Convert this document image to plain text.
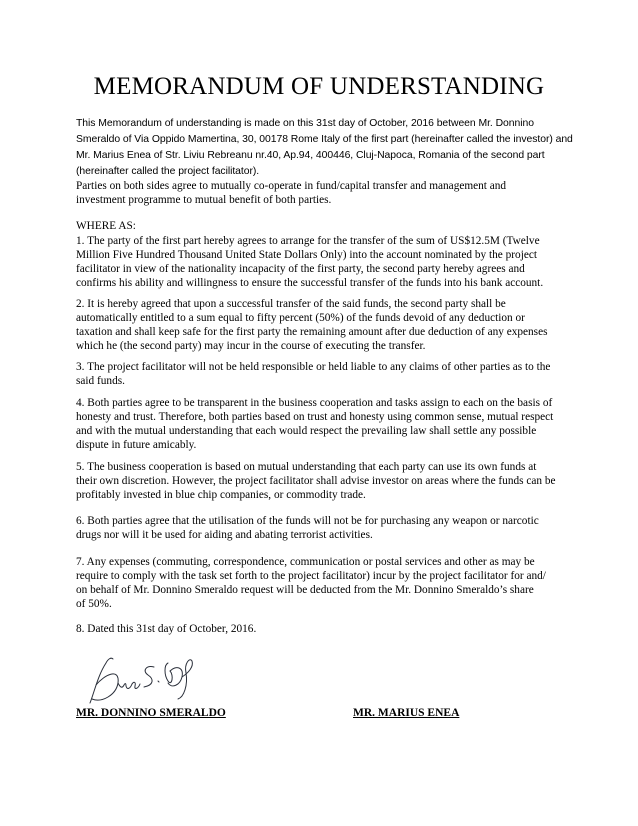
MEMORANDUM OF UNDERSTANDING
This Memorandum of understanding is made on this 31st day of October, 2016 between Mr. Donnino
Smeraldo of Via Oppido Mamertina, 30, 00178 Rome Italy of the first part (hereinafter called the investor) and
Mr. Marius Enea of Str. Liviu Rebreanu nr.40, Ap.94, 400446, Cluj-Napoca, Romania of the second part
(hereinafter called the project facilitator).
Parties on both sides agree to mutually co-operate in fund/capital transfer and management and
investment programme to mutual benefit of both parties.
WHERE AS:
1. The party of the first part hereby agrees to arrange for the transfer of the sum of US$12.5M (Twelve
Million Five Hundred Thousand United State Dollars Only) into the account nominated by the project
facilitator in view of the nationality incapacity of the first party, the second party hereby agrees and
confirms his ability and willingness to ensure the successful transfer of the funds into his bank account.
2. It is hereby agreed that upon a successful transfer of the said funds, the second party shall be
automatically entitled to a sum equal to fifty percent (50%) of the funds devoid of any deduction or
taxation and shall keep safe for the first party the remaining amount after due deduction of any expenses
which he (the second party) may incur in the course of executing the transfer.
3. The project facilitator will not be held responsible or held liable to any claims of other parties as to the
said funds.
4. Both parties agree to be transparent in the business cooperation and tasks assign to each on the basis of
honesty and trust. Therefore, both parties based on trust and honesty using common sense, mutual respect
and with the mutual understanding that each would respect the prevailing law shall settle any possible
dispute in future amicably.
5. The business cooperation is based on mutual understanding that each party can use its own funds at
their own discretion. However, the project facilitator shall advise investor on areas where the funds can be
profitably invested in blue chip companies, or commodity trade.
6. Both parties agree that the utilisation of the funds will not be for purchasing any weapon or narcotic
drugs nor will it be used for aiding and abating terrorist activities.
7. Any expenses (commuting, correspondence, communication or postal services and other as may be
require to comply with the task set forth to the project facilitator) incur by the project facilitator for and/
on behalf of Mr. Donnino Smeraldo request will be deducted from the Mr. Donnino Smeraldo’s share
of 50%.
8. Dated this 31st day of October, 2016.
MR. DONNINO SMERALDO	MR. MARIUS ENEA
